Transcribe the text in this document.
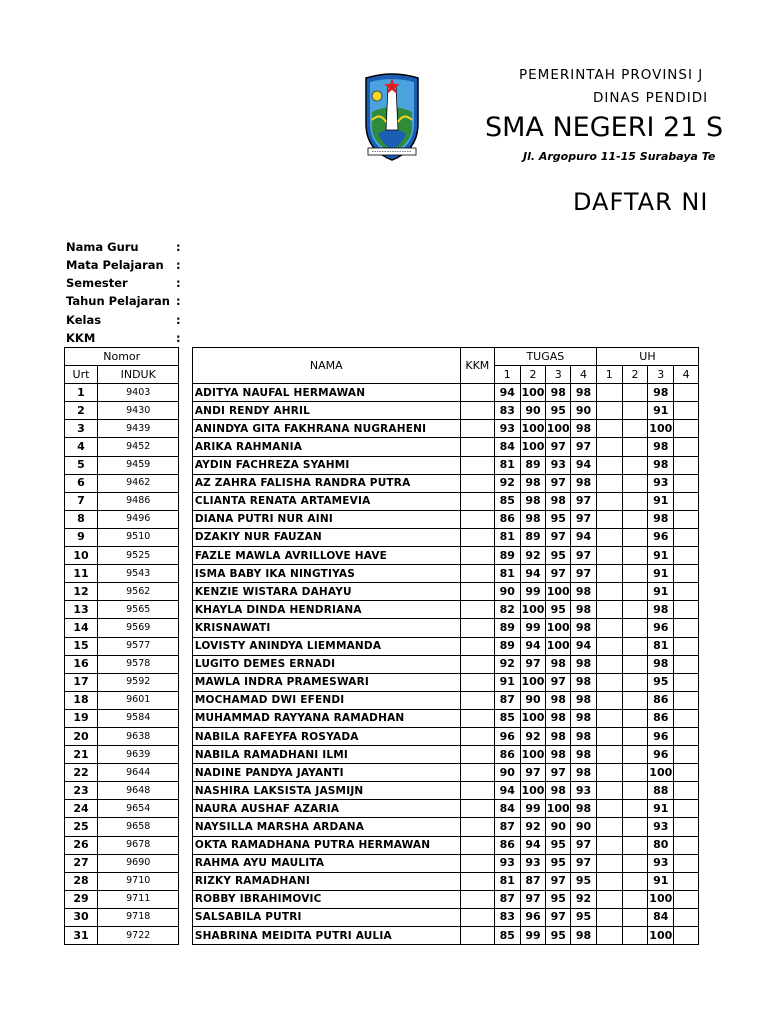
PEMERINTAH PROVINSI J
DINAS PENDIDI
SMA NEGERI 21 S
Jl. Argopuro 11-15 Surabaya Te
DAFTAR NI
Nama Guru
Mata Pelajaran
Semester
Tahun Pelajaran
Kelas
KKM
:
:
:
:
:
:
Nomor			NAMA	KKM	TUGAS				UH			
Urt	INDUK				1	2	3	4	1	2	3	4
1	9403		ADITYA NAUFAL HERMAWAN		94	100	98	98			98	
2	9430		ANDI RENDY AHRIL		83	90	95	90			91	
3	9439		ANINDYA GITA FAKHRANA NUGRAHENI		93	100	100	98			100	
4	9452		ARIKA RAHMANIA		84	100	97	97			98	
5	9459		AYDIN FACHREZA SYAHMI		81	89	93	94			98	
6	9462		AZ ZAHRA FALISHA RANDRA PUTRA		92	98	97	98			93	
7	9486		CLIANTA RENATA ARTAMEVIA		85	98	98	97			91	
8	9496		DIANA PUTRI NUR AINI		86	98	95	97			98	
9	9510		DZAKIY NUR FAUZAN		81	89	97	94			96	
10	9525		FAZLE MAWLA AVRILLOVE HAVE		89	92	95	97			91	
11	9543		ISMA BABY IKA NINGTIYAS		81	94	97	97			91	
12	9562		KENZIE WISTARA DAHAYU		90	99	100	98			91	
13	9565		KHAYLA DINDA HENDRIANA		82	100	95	98			98	
14	9569		KRISNAWATI		89	99	100	98			96	
15	9577		LOVISTY ANINDYA LIEMMANDA		89	94	100	94			81	
16	9578		LUGITO DEMES ERNADI		92	97	98	98			98	
17	9592		MAWLA INDRA PRAMESWARI		91	100	97	98			95	
18	9601		MOCHAMAD DWI EFENDI		87	90	98	98			86	
19	9584		MUHAMMAD RAYYANA RAMADHAN		85	100	98	98			86	
20	9638		NABILA RAFEYFA ROSYADA		96	92	98	98			96	
21	9639		NABILA RAMADHANI ILMI		86	100	98	98			96	
22	9644		NADINE PANDYA JAYANTI		90	97	97	98			100	
23	9648		NASHIRA LAKSISTA JASMIJN		94	100	98	93			88	
24	9654		NAURA AUSHAF AZARIA		84	99	100	98			91	
25	9658		NAYSILLA MARSHA ARDANA		87	92	90	90			93	
26	9678		OKTA RAMADHANA PUTRA HERMAWAN		86	94	95	97			80	
27	9690		RAHMA AYU MAULITA		93	93	95	97			93	
28	9710		RIZKY RAMADHANI		81	87	97	95			91	
29	9711		ROBBY IBRAHIMOVIC		87	97	95	92			100	
30	9718		SALSABILA PUTRI		83	96	97	95			84	
31	9722		SHABRINA MEIDITA PUTRI AULIA		85	99	95	98			100	
